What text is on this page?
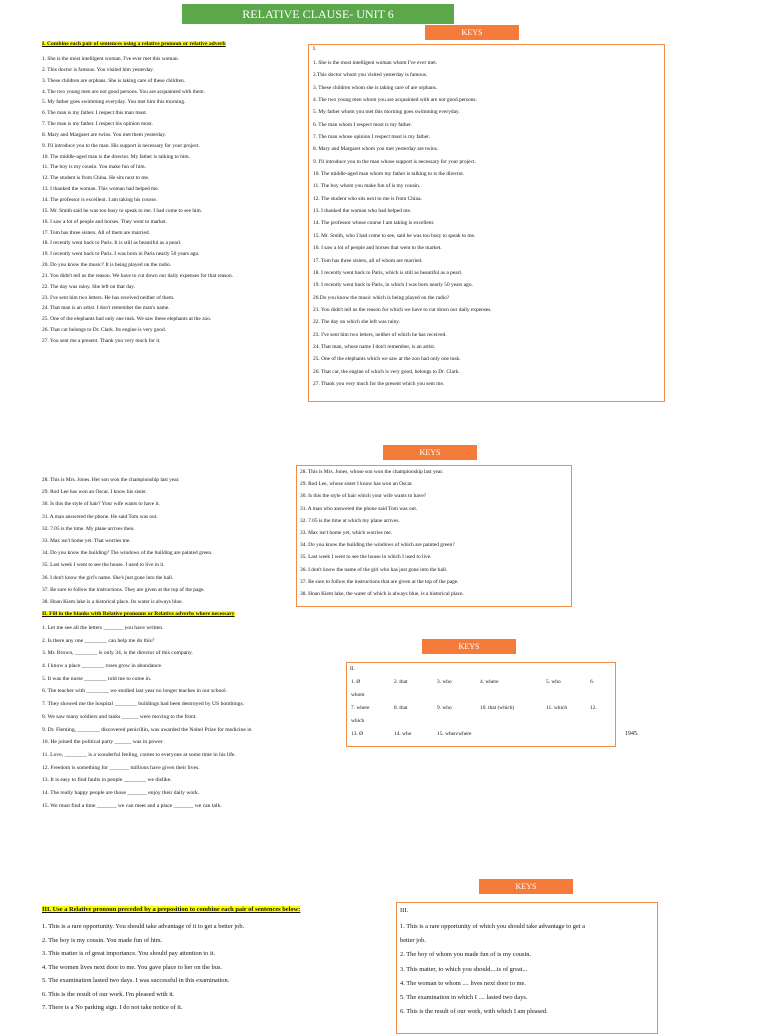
RELATIVE CLAUSE- UNIT 6
KEYS
KEYS
KEYS
KEYS
I. Combine each pair of sentences using a relative pronoun or relative adverb
1. She is the most intelligent woman. I've ever met this woman.
2. This doctor is famous. You visited him yesterday.
3. These children are orphans. She is taking care of these children.
4. The two young men are not good persons. You are acquainted with them.
5. My father goes swimming everyday. You met him this morning.
6. The man is my father. I respect this man most.
7. The man is my father. I respect his opinion most.
8. Mary and Margaret are twins. You met them yesterday.
9. I'll introduce you to the man. His support is necessary for your project.
10. The middle-aged man is the director. My father is talking to him.
11. The boy is my cousin. You make fun of him.
12. The student is from China. He sits next to me.
13. I thanked the woman. This woman had helped me.
14. The professor is excellent. I am taking his course.
15. Mr. Smith said he was too busy to speak to me. I had come to see him.
16. I saw a lot of people and horses. They went to market.
17. Tom has three sisters. All of them are married.
18. I recently went back to Paris. It is still as beautiful as a pearl.
19. I recently went back to Paris. I was born in Paris nearly 50 years ago.
20. Do you know the music? It is being played on the radio.
21. You didn't tell us the reason. We have to cut down our daily expenses for that reason.
22. The day was rainy. She left on that day.
23. I've sent him two letters. He has received neither of them.
24. That man is an artist. I don't remember the man's name.
25. One of the elephants had only one tusk. We saw these elephants at the zoo.
26. That car belongs to Dr. Clark. Its engine is very good.
27. You sent me a present. Thank you very much for it.
I.
1. She is the most intelligent woman whom I've ever met.
2.This doctor whom you visited yesterday is famous.
3. These children whom she is taking care of are orphans.
4. The two young men whom you are acquainted with are not good persons.
5. My father whom you met this morning goes swimming everyday.
6. The man whom I respect most is my father.
7. The man whose opinion I respect most is my father.
8. Mary and Margaret whom you met yesterday are twins.
9. I'll introduce you to the man whose support is necessary for your project.
10. The middle-aged man whom my father is talking to is the director.
11. The boy whom you make fun of is my cousin.
12. The student who sits next to me is from China.
13. I thanked the woman who had helped me.
14. The professor whose course I am taking is excellent.
15. Mr. Smith, who I had come to see, said he was too busy to speak to me.
16. I saw a lot of people and horses that went to the market.
17. Tom has three sisters, all of whom are married.
18. I recently went back to Paris, which is still as beautiful as a pearl.
19. I recently went back to Paris, in which I was born nearly 50 years ago.
20.Do you know the music which is being played on the radio?
21. You didn't tell us the reason for which we have to cut down our daily expenses.
22. The day on which she left was rainy.
23. I've sent him two letters, neither of which he has received.
24. That man, whose name I don't remember, is an artist.
25. One of the elephants which we saw at the zoo had only one tusk.
26. That car, the engine of which is very good, belongs to Dr. Clark.
27. Thank you very much for the present which you sent me.
28. This is Mrs. Jones. Her son won the championship last year.
29. Rod Lee has won an Oscar. I know his sister.
30. Is this the style of hair? Your wife wants to have it.
31. A man answered the phone. He said Tom was out.
32. 7.05 is the time. My plane arrives then.
33. Max isn't home yet. That worries me.
34. Do you know the building? The windows of the building are painted green.
35. Last week I went to see the house. I used to live in it.
36. I don't know the girl's name. She's just gone into the hall.
37. Be sure to follow the instructions. They are given at the top of the page.
38. Hoan Kiem lake is a historical place. Its water is always blue.
28. This is Mrs. Jones, whose son won the championship last year.
29. Rod Lee, whose sister I know has won an Oscar.
30. Is this the style of hair which your wife wants to have?
31. A man who answered the phone said Tom was out.
32. 7.05 is the time at which my plane arrives.
33. Max isn't home yet, which worries me.
34. Do you know the building the windows of which are painted green?
35. Last week I went to see the house in which I used to live.
36. I don't know the name of the girl who has just gone into the hall.
37. Be sure to follow the instructions that are given at the top of the page.
38. Hoan Kiem lake, the water of which is always blue, is a historical place.
II. Fill in the blanks with Relative pronouns or Relative adverbs where necessary
1. Let me see all the letters _______ you have written.
2. Is there any one ________ can help me do this?
3. Mr. Brown, ________ is only 34, is the director of this company.
4. I know a place ________ roses grow in abundance.
5. It was the nurse ________ told me to come in.
6. The teacher with ________ we studied last year no longer teaches in our school.
7. They showed me the hospital ________ buildings had been destroyed by US bombings.
8. We saw many soldiers and tanks ______ were moving to the front.
9. Dr. Fleming, ________ discovered penicillin, was awarded the Nobel Prize for medicine in
10. He joined the political party ______ was in power.
11. Love, ________ is a wonderful feeling, comes to everyone at some time in his life.
12. Freedom is something for _______ millions have given their lives.
13. It is easy to find faults in people ________ we dislike.
14. The really happy people are those _______ enjoy their daily work.
15. We must find a time _______ we can meet and a place _______ we can talk.
1945.
II.
1. Ø	2. that	3. who	4. where	5. who	6.
whom
7. where	8. that	9. who	10. that (which)	11. which	12.
which
13. Ø	14. who	15. when/where
III. Use a Relative pronoun preceded by a preposition to combine each pair of sentences below:
1. This is a rare opportunity. You should take advantage of it to get a better job.
2. The boy is my cousin. You made fun of him.
3. This matter is of great importance. You should pay attention to it.
4. The women lives next door to me. You gave place to her on the bus.
5. The examination lasted two days. I was successful in this examination.
6. This is the result of our work. I'm pleased with it.
7. There is a No parking sign. I do not take notice of it.
III.
1. This is a rare opportunity of which you should take advantage to get a
better job.
2. The boy of whom you made fun of is my cousin.
3. This matter, to which you should....is of great...
4. The woman to whom .... lives next door to me.
5. The examination in which I .... lasted two days.
6. This is the result of our work, with which I am pleased.
